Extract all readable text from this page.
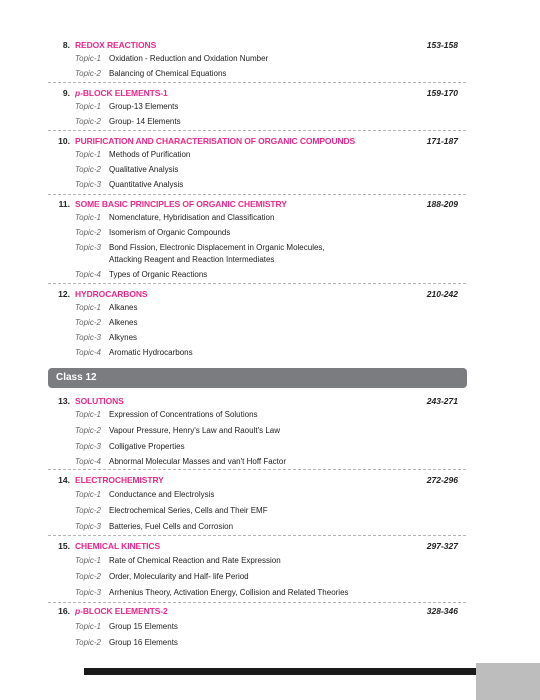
8. REDOX REACTIONS	153-158
Topic-1 Oxidation - Reduction and Oxidation Number
Topic-2 Balancing of Chemical Equations
9. p-BLOCK ELEMENTS-1	159-170
Topic-1 Group-13 Elements
Topic-2 Group- 14 Elements
10. PURIFICATION AND CHARACTERISATION OF ORGANIC COMPOUNDS	171-187
Topic-1 Methods of Purification
Topic-2 Qualitative Analysis
Topic-3 Quantitative Analysis
11. SOME BASIC PRINCIPLES OF ORGANIC CHEMISTRY	188-209
Topic-1 Nomenclature, Hybridisation and Classification
Topic-2 Isomerism of Organic Compounds
Topic-3 Bond Fission, Electronic Displacement in Organic Molecules,
Attacking Reagent and Reaction Intermediates
Topic-4 Types of Organic Reactions
12. HYDROCARBONS	210-242
Topic-1 Alkanes
Topic-2 Alkenes
Topic-3 Alkynes
Topic-4 Aromatic Hydrocarbons
Class 12
13. SOLUTIONS	243-271
Topic-1 Expression of Concentrations of Solutions
Topic-2 Vapour Pressure, Henry's Law and Raoult's Law
Topic-3 Colligative Properties
Topic-4 Abnormal Molecular Masses and van't Hoff Factor
14. ELECTROCHEMISTRY	272-296
Topic-1 Conductance and Electrolysis
Topic-2 Electrochemical Series, Cells and Their EMF
Topic-3 Batteries, Fuel Cells and Corrosion
15. CHEMICAL KINETICS	297-327
Topic-1 Rate of Chemical Reaction and Rate Expression
Topic-2 Order, Molecularity and Half- life Period
Topic-3 Arrhenius Theory, Activation Energy, Collision and Related Theories
16. p-BLOCK ELEMENTS-2	328-346
Topic-1 Group 15 Elements
Topic-2 Group 16 Elements
